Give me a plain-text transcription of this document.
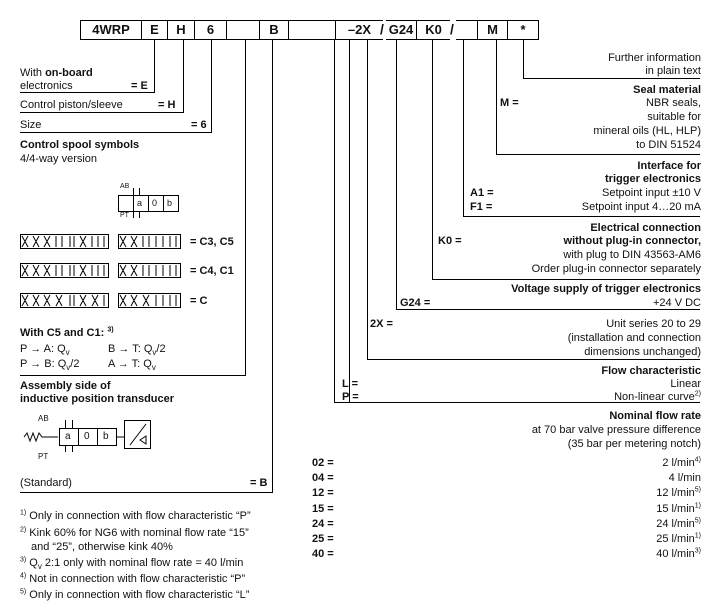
4WRP	E	H	6	B	–2X / G24 K0 /	M	*
Further information
in plain text
Seal material
M =	NBR seals,
suitable for
mineral oils (HL, HLP)
to DIN 51524
Interface for
trigger electronics
A1 =	Setpoint input ±10 V
F1 =	Setpoint input 4…20 mA
Electrical connection
without plug-in connector,
K0 =
with plug to DIN 43563-AM6
Order plug-in connector separately
Voltage supply of trigger electronics
G24 =	+24 V DC
2X =	Unit series 20 to 29
(installation and connection
dimensions unchanged)
Flow characteristic
L =	Linear
P =	Non-linear curve$^{2)}$
Nominal flow rate
at 70 bar valve pressure difference
(35 bar per metering notch)
02 =	2 $l/\min^{4)}$
04 =	4 l/min
12 =	12 $l/\min^{5)}$
15 =	15 $l/\min^{1)}$
24 =	24 $l/\min^{5)}$
25 =	25 $l/\min^{1)}$
40 =	40 $l/\min^{3)}$
With on-board
electronics	= E
Control piston/sleeve	= H
Size	= 6
Control spool symbols
4/4-way version
AB
a 0 b
PT
= C3, C5
= C4, C1
= C
With C5 and C1: $^{3)}$
P → A: $Q_v$	B → T: $Q_v/2$
P → B: $Q_v/2$	A → T: $Q_v$
Assembly side of
inductive position transducer
AB
a 0 b
PT
(Standard)	= B
$^{1)}$ Only in connection with flow characteristic “P”
$^{2)}$ Kink 60% for NG6 with nominal flow rate “15”
and “25”, otherwise kink 40%
$^{3)}$ $Q_v$ 2:1 only with nominal flow rate = 40 l/min
$^{4)}$ Not in connection with flow characteristic “P”
$^{5)}$ Only in connection with flow characteristic “L”
